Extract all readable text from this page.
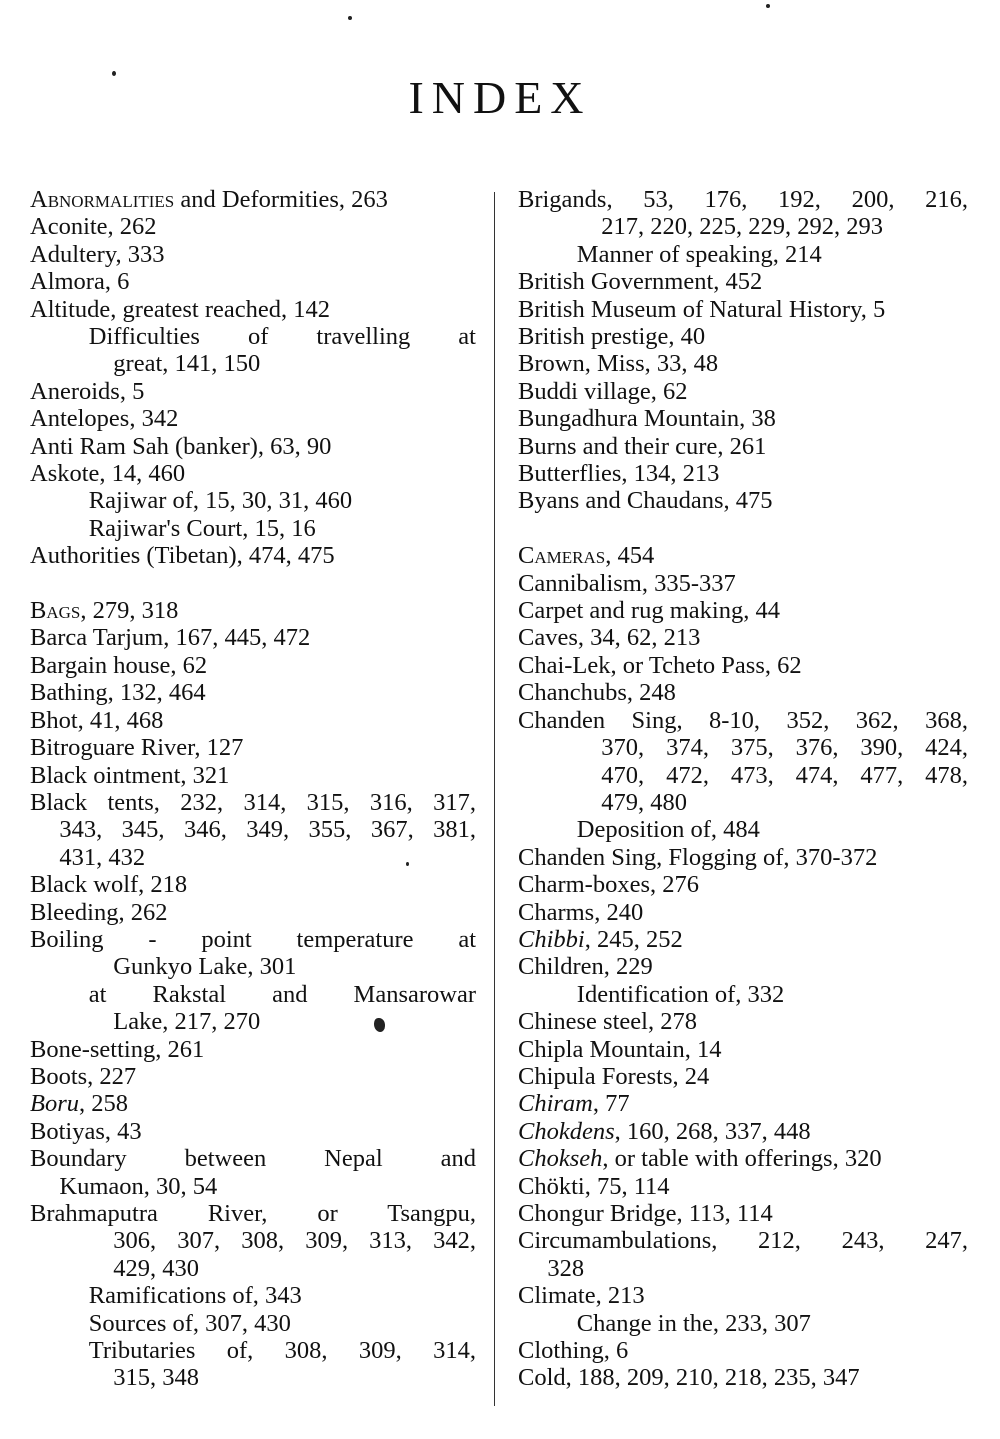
INDEX
Abnormalities and Deformities, 263
Aconite, 262
Adultery, 333
Almora, 6
Altitude, greatest reached, 142
Difficulties of travelling at
great, 141, 150
Aneroids, 5
Antelopes, 342
Anti Ram Sah (banker), 63, 90
Askote, 14, 460
Rajiwar of, 15, 30, 31, 460
Rajiwar's Court, 15, 16
Authorities (Tibetan), 474, 475
Bags, 279, 318
Barca Tarjum, 167, 445, 472
Bargain house, 62
Bathing, 132, 464
Bhot, 41, 468
Bitroguare River, 127
Black ointment, 321
Black tents, 232, 314, 315, 316, 317,
343, 345, 346, 349, 355, 367, 381,
431, 432
Black wolf, 218
Bleeding, 262
Boiling - point temperature at
Gunkyo Lake, 301
at Rakstal and Mansarowar
Lake, 217, 270
Bone-setting, 261
Boots, 227
Boru, 258
Botiyas, 43
Boundary between Nepal and
Kumaon, 30, 54
Brahmaputra River, or Tsangpu,
306, 307, 308, 309, 313, 342,
429, 430
Ramifications of, 343
Sources of, 307, 430
Tributaries of, 308, 309, 314,
315, 348
Brigands, 53, 176, 192, 200, 216,
217, 220, 225, 229, 292, 293
Manner of speaking, 214
British Government, 452
British Museum of Natural History, 5
British prestige, 40
Brown, Miss, 33, 48
Buddi village, 62
Bungadhura Mountain, 38
Burns and their cure, 261
Butterflies, 134, 213
Byans and Chaudans, 475
Cameras, 454
Cannibalism, 335-337
Carpet and rug making, 44
Caves, 34, 62, 213
Chai-Lek, or Tcheto Pass, 62
Chanchubs, 248
Chanden Sing, 8-10, 352, 362, 368,
370, 374, 375, 376, 390, 424,
470, 472, 473, 474, 477, 478,
479, 480
Deposition of, 484
Chanden Sing, Flogging of, 370-372
Charm-boxes, 276
Charms, 240
Chibbi, 245, 252
Children, 229
Identification of, 332
Chinese steel, 278
Chipla Mountain, 14
Chipula Forests, 24
Chiram, 77
Chokdens, 160, 268, 337, 448
Chokseh, or table with offerings, 320
Chökti, 75, 114
Chongur Bridge, 113, 114
Circumambulations, 212, 243, 247,
328
Climate, 213
Change in the, 233, 307
Clothing, 6
Cold, 188, 209, 210, 218, 235, 347
